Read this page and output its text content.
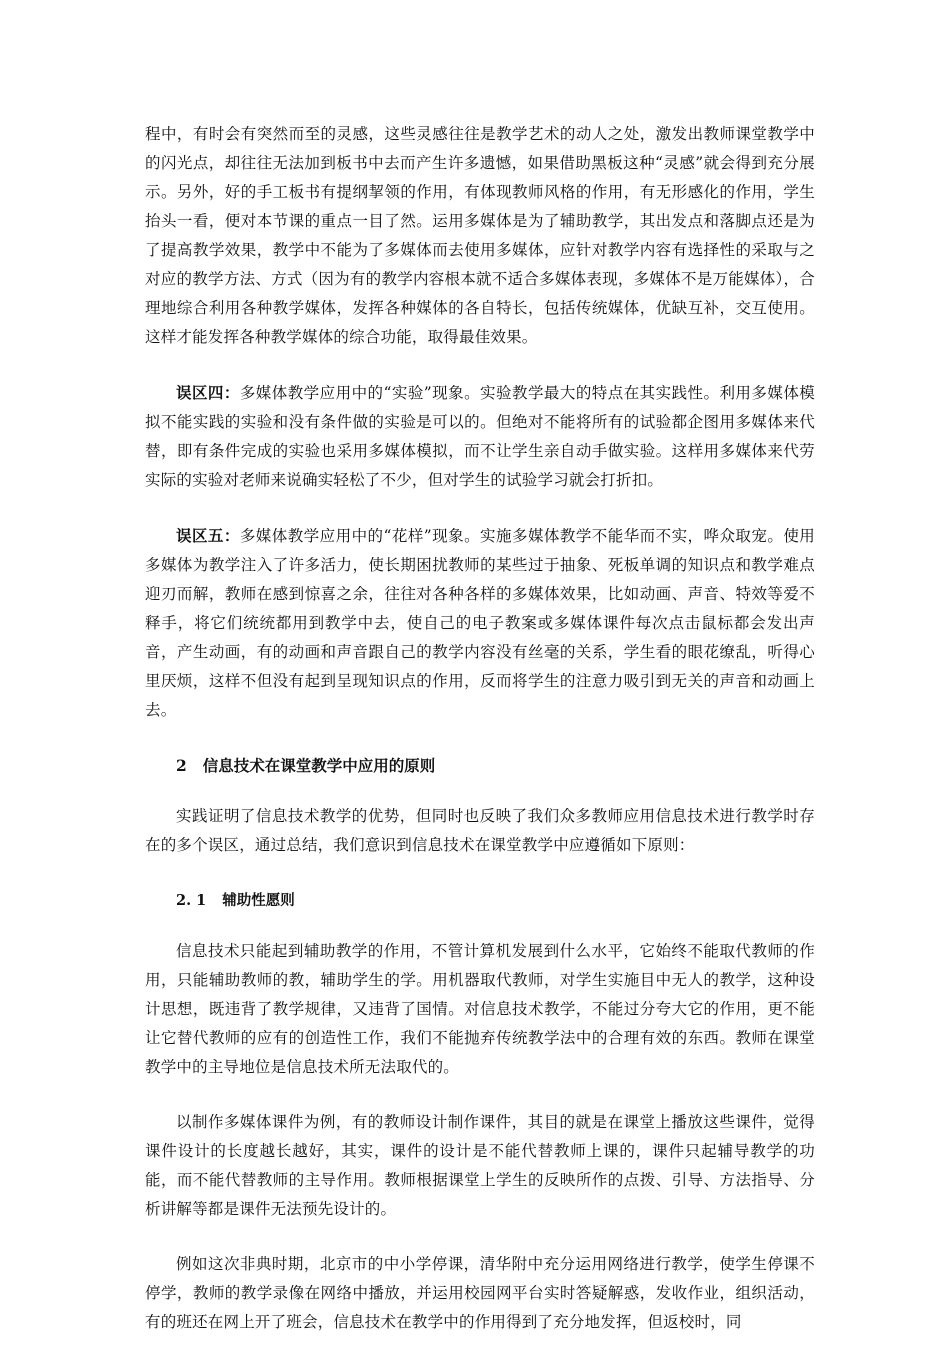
程中，有时会有突然而至的灵感，这些灵感往往是教学艺术的动人之处，激发出教师课堂教学中的闪光点，却往往无法加到板书中去而产生许多遗憾，如果借助黑板这种“灵感”就会得到充分展示。另外，好的手工板书有提纲挈领的作用，有体现教师风格的作用，有无形感化的作用，学生抬头一看，便对本节课的重点一目了然。运用多媒体是为了辅助教学，其出发点和落脚点还是为了提高教学效果，教学中不能为了多媒体而去使用多媒体，应针对教学内容有选择性的采取与之对应的教学方法、方式（因为有的教学内容根本就不适合多媒体表现，多媒体不是万能媒体），合理地综合利用各种教学媒体，发挥各种媒体的各自特长，包括传统媒体，优缺互补，交互使用。这样才能发挥各种教学媒体的综合功能，取得最佳效果。

误区四：多媒体教学应用中的“实验”现象。实验教学最大的特点在其实践性。利用多媒体模拟不能实践的实验和没有条件做的实验是可以的。但绝对不能将所有的试验都企图用多媒体来代替，即有条件完成的实验也采用多媒体模拟，而不让学生亲自动手做实验。这样用多媒体来代劳实际的实验对老师来说确实轻松了不少，但对学生的试验学习就会打折扣。

误区五：多媒体教学应用中的“花样”现象。实施多媒体教学不能华而不实，哗众取宠。使用多媒体为教学注入了许多活力，使长期困扰教师的某些过于抽象、死板单调的知识点和教学难点迎刃而解，教师在感到惊喜之余，往往对各种各样的多媒体效果，比如动画、声音、特效等爱不释手，将它们统统都用到教学中去，使自己的电子教案或多媒体课件每次点击鼠标都会发出声音，产生动画，有的动画和声音跟自己的教学内容没有丝毫的关系，学生看的眼花缭乱，听得心里厌烦，这样不但没有起到呈现知识点的作用，反而将学生的注意力吸引到无关的声音和动画上去。

2 信息技术在课堂教学中应用的原则

实践证明了信息技术教学的优势，但同时也反映了我们众多教师应用信息技术进行教学时存在的多个误区，通过总结，我们意识到信息技术在课堂教学中应遵循如下原则：

2. 1 辅助性愿则

信息技术只能起到辅助教学的作用，不管计算机发展到什么水平，它始终不能取代教师的作用，只能辅助教师的教，辅助学生的学。用机器取代教师，对学生实施目中无人的教学，这种设计思想，既违背了教学规律，又违背了国情。对信息技术教学，不能过分夸大它的作用，更不能让它替代教师的应有的创造性工作，我们不能抛弃传统教学法中的合理有效的东西。教师在课堂教学中的主导地位是信息技术所无法取代的。

以制作多媒体课件为例，有的教师设计制作课件，其目的就是在课堂上播放这些课件，觉得课件设计的长度越长越好，其实，课件的设计是不能代替教师上课的，课件只起辅导教学的功能，而不能代替教师的主导作用。教师根据课堂上学生的反映所作的点拨、引导、方法指导、分析讲解等都是课件无法预先设计的。

例如这次非典时期，北京市的中小学停课，清华附中充分运用网络进行教学，使学生停课不停学，教师的教学录像在网络中播放，并运用校园网平台实时答疑解惑，发收作业，组织活动，有的班还在网上开了班会，信息技术在教学中的作用得到了充分地发挥，但返校时，同
